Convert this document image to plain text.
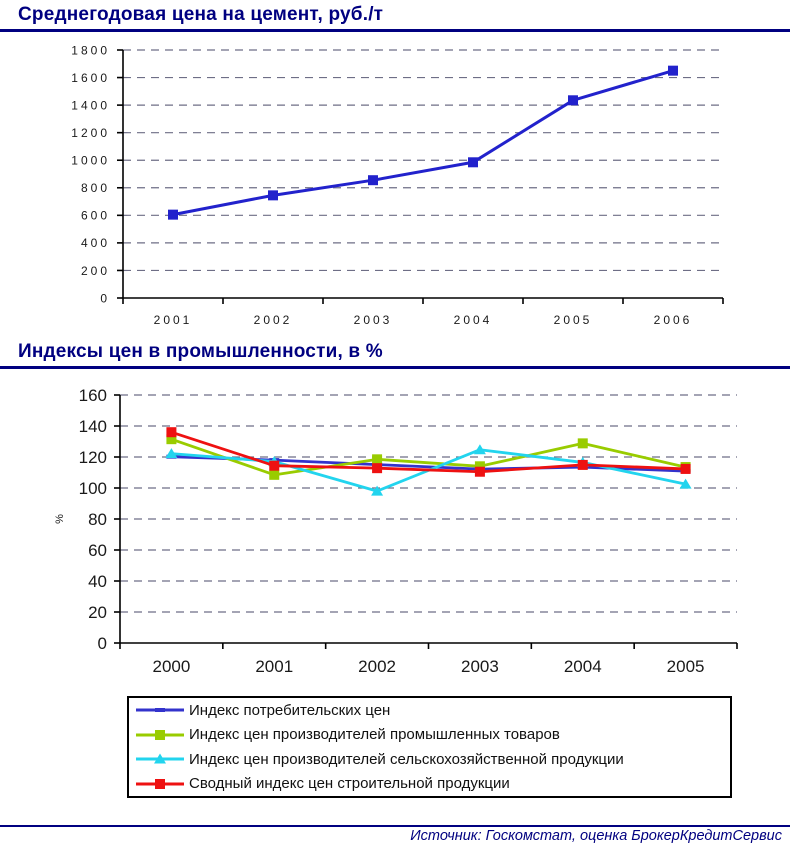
Среднегодовая цена на цемент, руб./т
0
200
400
600
800
1000
1200
1400
1600
1800
2001	2002	2003	2004	2005	2006
Индексы цен в промышленности, в %
0
20
40
60
80
100
120
140
160
2000	2001	2002	2003	2004	2005
%
Индекс потребительских цен
Индекс цен производителей промышленных товаров
Индекс цен производителей сельскохозяйственной продукции
Сводный индекс цен строительной продукции
Источник: Госкомстат, оценка БрокерКредитСервис
